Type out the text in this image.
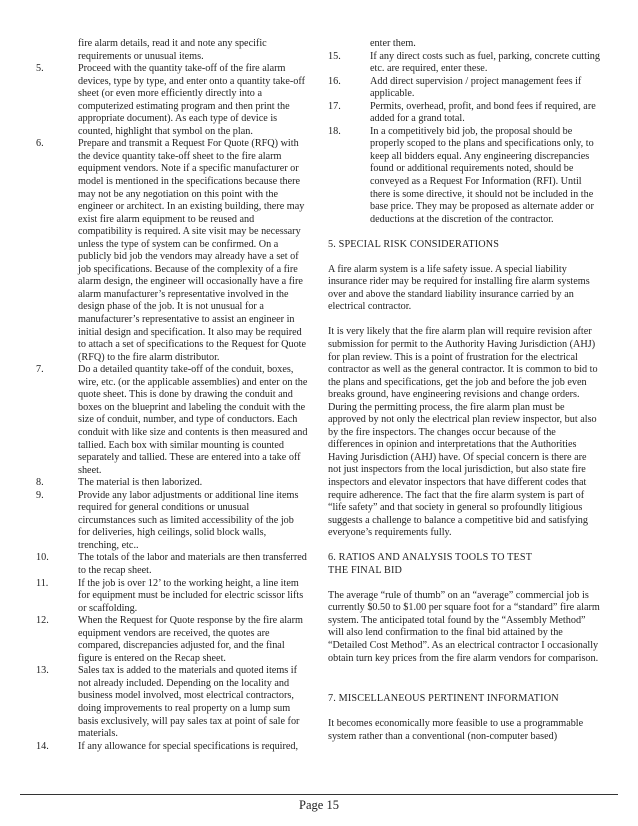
fire alarm details, read it and note any specific requirements or unusual items.
5.	Proceed with the quantity take-off of the fire alarm devices, type by type, and enter onto a quantity take-off sheet (or even more efficiently directly into a computerized estimating program and then print the appropriate document). As each type of device is counted, highlight that symbol on the plan.
6.	Prepare and transmit a Request For Quote (RFQ) with the device quantity take-off sheet to the fire alarm equipment vendors. Note if a specific manufacturer or model is mentioned in the specifications because there may not be any negotiation on this point with the engineer or architect. In an existing building, there may exist fire alarm equipment to be reused and compatibility is required. A site visit may be necessary unless the type of system can be confirmed. On a publicly bid job the vendors may already have a set of job specifications. Because of the complexity of a fire alarm design, the engineer will occasionally have a fire alarm manufacturer’s representative involved in the design phase of the job. It is not unusual for a manufacturer’s representative to assist an engineer in initial design and specification. It also may be required to attach a set of specifications to the Request for Quote (RFQ) to the fire alarm distributor.
7.	Do a detailed quantity take-off of the conduit, boxes, wire, etc. (or the applicable assemblies) and enter on the quote sheet. This is done by drawing the conduit and boxes on the blueprint and labeling the conduit with the size of conduit, number, and type of conductors. Each conduit with like size and contents is then measured and tallied. Each box with similar mounting is counted separately and tallied. These are entered into a take off sheet.
8.	The material is then laborized.
9.	Provide any labor adjustments or additional line items required for general conditions or unusual circumstances such as limited accessibility of the job for deliveries, high ceilings, solid block walls, trenching, etc..
10.	The totals of the labor and materials are then transferred to the recap sheet.
11.	If the job is over 12’ to the working height, a line item for equipment must be included for electric scissor lifts or scaffolding.
12.	When the Request for Quote response by the fire alarm equipment vendors are received, the quotes are compared, discrepancies adjusted for, and the final figure is entered on the Recap sheet.
13.	Sales tax is added to the materials and quoted items if not already included. Depending on the locality and business model involved, most electrical contractors, doing improvements to real property on a lump sum basis exclusively, will pay sales tax at point of sale for materials.
14.	If any allowance for special specifications is required,
enter them.
15.	If any direct costs such as fuel, parking, concrete cutting etc. are required, enter these.
16.	Add direct supervision / project management fees if applicable.
17.	Permits, overhead, profit, and bond fees if required, are added for a grand total.
18.	In a competitively bid job, the proposal should be properly scoped to the plans and specifications only, to keep all bidders equal. Any engineering discrepancies found or additional requirements noted, should be conveyed as a Request For Information (RFI). Until there is some directive, it should not be included in the base price. They may be proposed as alternate adder or deductions at the discretion of the contractor.
5. SPECIAL RISK CONSIDERATIONS
A fire alarm system is a life safety issue. A special liability insurance rider may be required for installing fire alarm systems over and above the standard liability insurance carried by an electrical contractor.
It is very likely that the fire alarm plan will require revision after submission for permit to the Authority Having Jurisdiction (AHJ) for plan review. This is a point of frustration for the electrical contractor as well as the general contractor. It is common to bid to the plans and specifications, get the job and before the job even breaks ground, have engineering revisions and change orders. During the permitting process, the fire alarm plan must be approved by not only the electrical plan review inspector, but also by the fire inspectors. The changes occur because of the differences in opinion and interpretations that the Authorities Having Jurisdiction (AHJ) have. Of special concern is there are not just inspectors from the local jurisdiction, but also state fire inspectors and elevator inspectors that have different codes that require adherence. The fact that the fire alarm system is part of “life safety” and that society in general so profoundly litigious suggests a challenge to balance a competitive bid and satisfying everyone’s requirements fully.
6. RATIOS AND ANALYSIS TOOLS TO TEST
THE FINAL BID
The average “rule of thumb” on an “average” commercial job is currently $0.50 to $1.00 per square foot for a “standard” fire alarm system. The anticipated total found by the “Assembly Method” will also lend confirmation to the final bid attained by the “Detailed Cost Method”. As an electrical contractor I occasionally obtain turn key prices from the fire alarm vendors for comparison.
7. MISCELLANEOUS PERTINENT INFORMATION
It becomes economically more feasible to use a programmable system rather than a conventional (non-computer based)
Page 15
